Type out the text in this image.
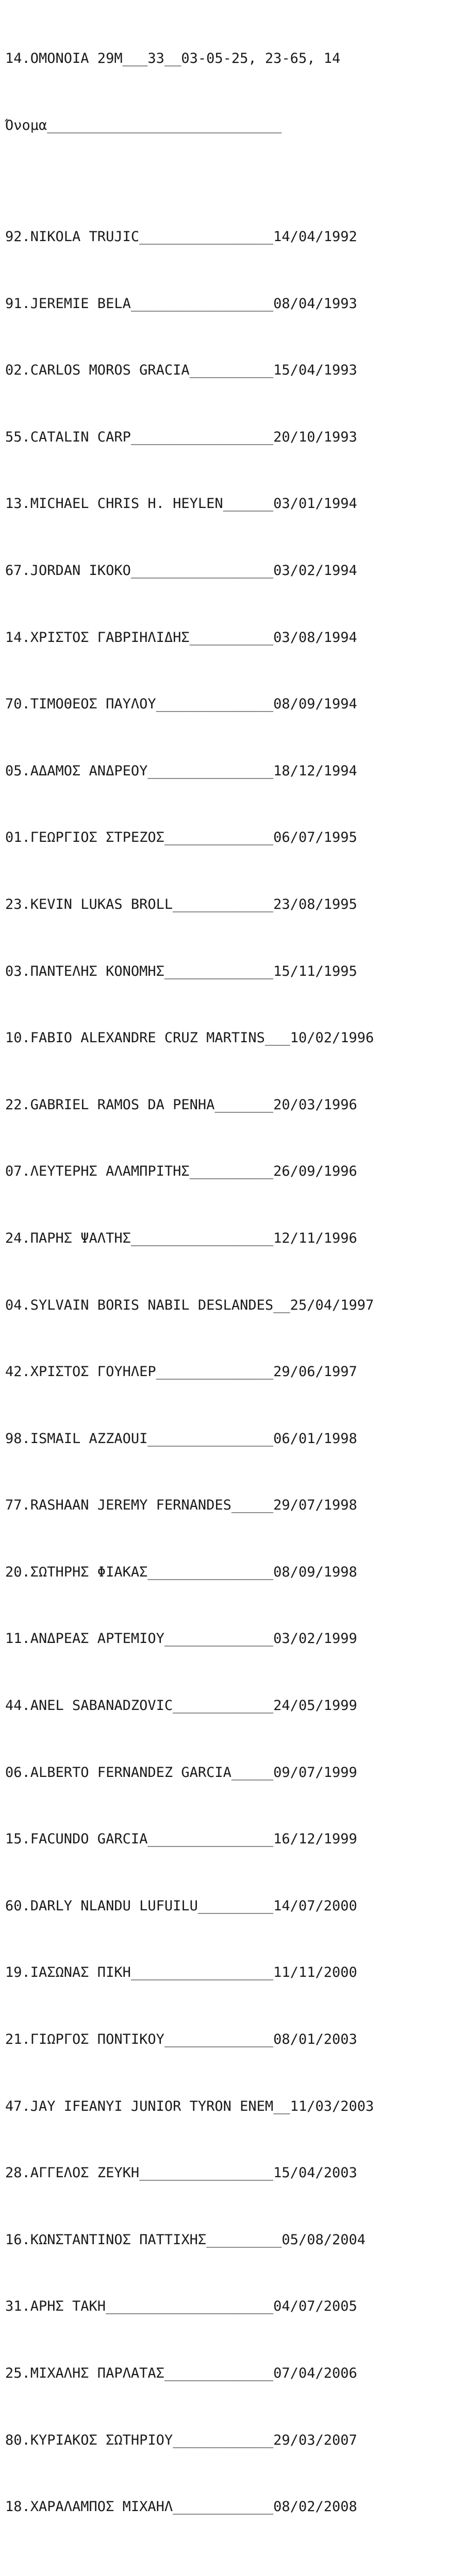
14.OMONOIA 29M___33__03-05-25, 23-65, 14

Όνομα____________________________

92.NIKOLA TRUJIC________________14/04/1992

91.JEREMIE BELA_________________08/04/1993

02.CARLOS MOROS GRACIA__________15/04/1993

55.CATALIN CARP_________________20/10/1993

13.MICHAEL CHRIS H. HEYLEN______03/01/1994

67.JORDAN IKOKO_________________03/02/1994

14.ΧΡΙΣΤΟΣ ΓΑΒΡΙΗΛΙΔΗΣ__________03/08/1994

70.ΤΙΜΟΘΕΟΣ ΠΑΥΛΟΥ______________08/09/1994

05.ΑΔΑΜΟΣ ΑΝΔΡΕΟΥ_______________18/12/1994

01.ΓΕΩΡΓΙΟΣ ΣΤΡΕΖΟΣ_____________06/07/1995

23.KEVIN LUKAS BROLL____________23/08/1995

03.ΠΑΝΤΕΛΗΣ ΚΟΝΟΜΗΣ_____________15/11/1995

10.FABIO ALEXANDRE CRUZ MARTINS___10/02/1996

22.GABRIEL RAMOS DA PENHA_______20/03/1996

07.ΛΕΥΤΕΡΗΣ ΑΛΑΜΠΡΙΤΗΣ__________26/09/1996

24.ΠΑΡΗΣ ΨΑΛΤΗΣ_________________12/11/1996

04.SYLVAIN BORIS NABIL DESLANDES__25/04/1997

42.ΧΡΙΣΤΟΣ ΓΟΥΗΛΕΡ______________29/06/1997

98.ISMAIL AZZAOUI_______________06/01/1998

77.RASHAAN JEREMY FERNANDES_____29/07/1998

20.ΣΩΤΗΡΗΣ ΦΙΑΚΑΣ_______________08/09/1998

11.ΑΝΔΡΕΑΣ ΑΡΤΕΜΙΟΥ_____________03/02/1999

44.ANEL SABANADZOVIC____________24/05/1999

06.ALBERTO FERNANDEZ GARCIA_____09/07/1999

15.FACUNDO GARCIA_______________16/12/1999

60.DARLY NLANDU LUFUILU_________14/07/2000

19.ΙΑΣΩΝΑΣ ΠΙΚΗ_________________11/11/2000

21.ΓΙΩΡΓΟΣ ΠΟΝΤΙΚΟΥ_____________08/01/2003

47.JAY IFEANYI JUNIOR TYRON ENEM__11/03/2003

28.ΑΓΓΕΛΟΣ ΖΕΥΚΗ________________15/04/2003

16.ΚΩΝΣΤΑΝΤΙΝΟΣ ΠΑΤΤΙΧΗΣ_________05/08/2004

31.ΑΡΗΣ ΤΑΚΗ____________________04/07/2005

25.ΜΙΧΑΛΗΣ ΠΑΡΛΑΤΑΣ_____________07/04/2006

80.ΚΥΡΙΑΚΟΣ ΣΩΤΗΡΙΟΥ____________29/03/2007

18.ΧΑΡΑΛΑΜΠΟΣ ΜΙΧΑΗΛ____________08/02/2008
